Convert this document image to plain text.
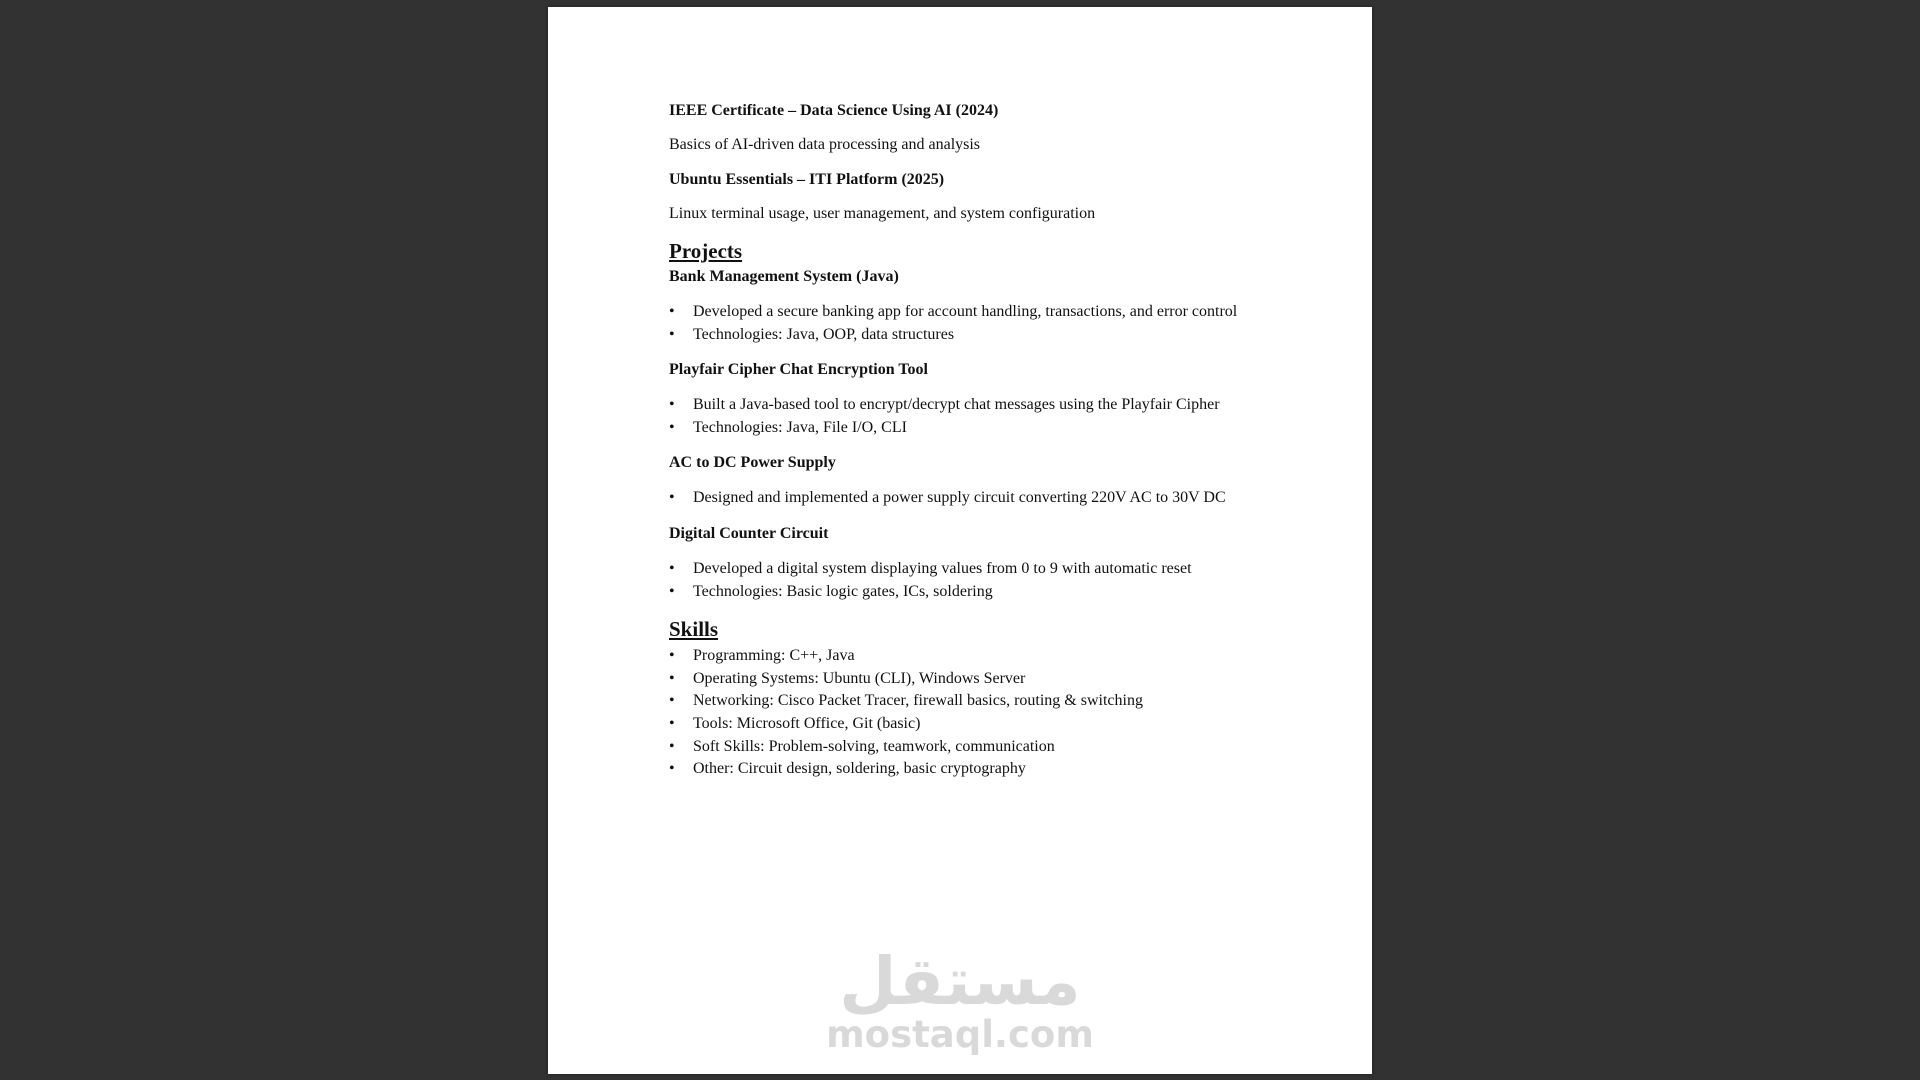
IEEE Certificate – Data Science Using AI (2024)
Basics of AI-driven data processing and analysis
Ubuntu Essentials – ITI Platform (2025)
Linux terminal usage, user management, and system configuration
Projects
Bank Management System (Java)
• Developed a secure banking app for account handling, transactions, and error control
• Technologies: Java, OOP, data structures
Playfair Cipher Chat Encryption Tool
• Built a Java-based tool to encrypt/decrypt chat messages using the Playfair Cipher
• Technologies: Java, File I/O, CLI
AC to DC Power Supply
• Designed and implemented a power supply circuit converting 220V AC to 30V DC
Digital Counter Circuit
• Developed a digital system displaying values from 0 to 9 with automatic reset
• Technologies: Basic logic gates, ICs, soldering
Skills
• Programming: C++, Java
• Operating Systems: Ubuntu (CLI), Windows Server
• Networking: Cisco Packet Tracer, firewall basics, routing & switching
• Tools: Microsoft Office, Git (basic)
• Soft Skills: Problem-solving, teamwork, communication
• Other: Circuit design, soldering, basic cryptography
مستقل
mostaql.com
